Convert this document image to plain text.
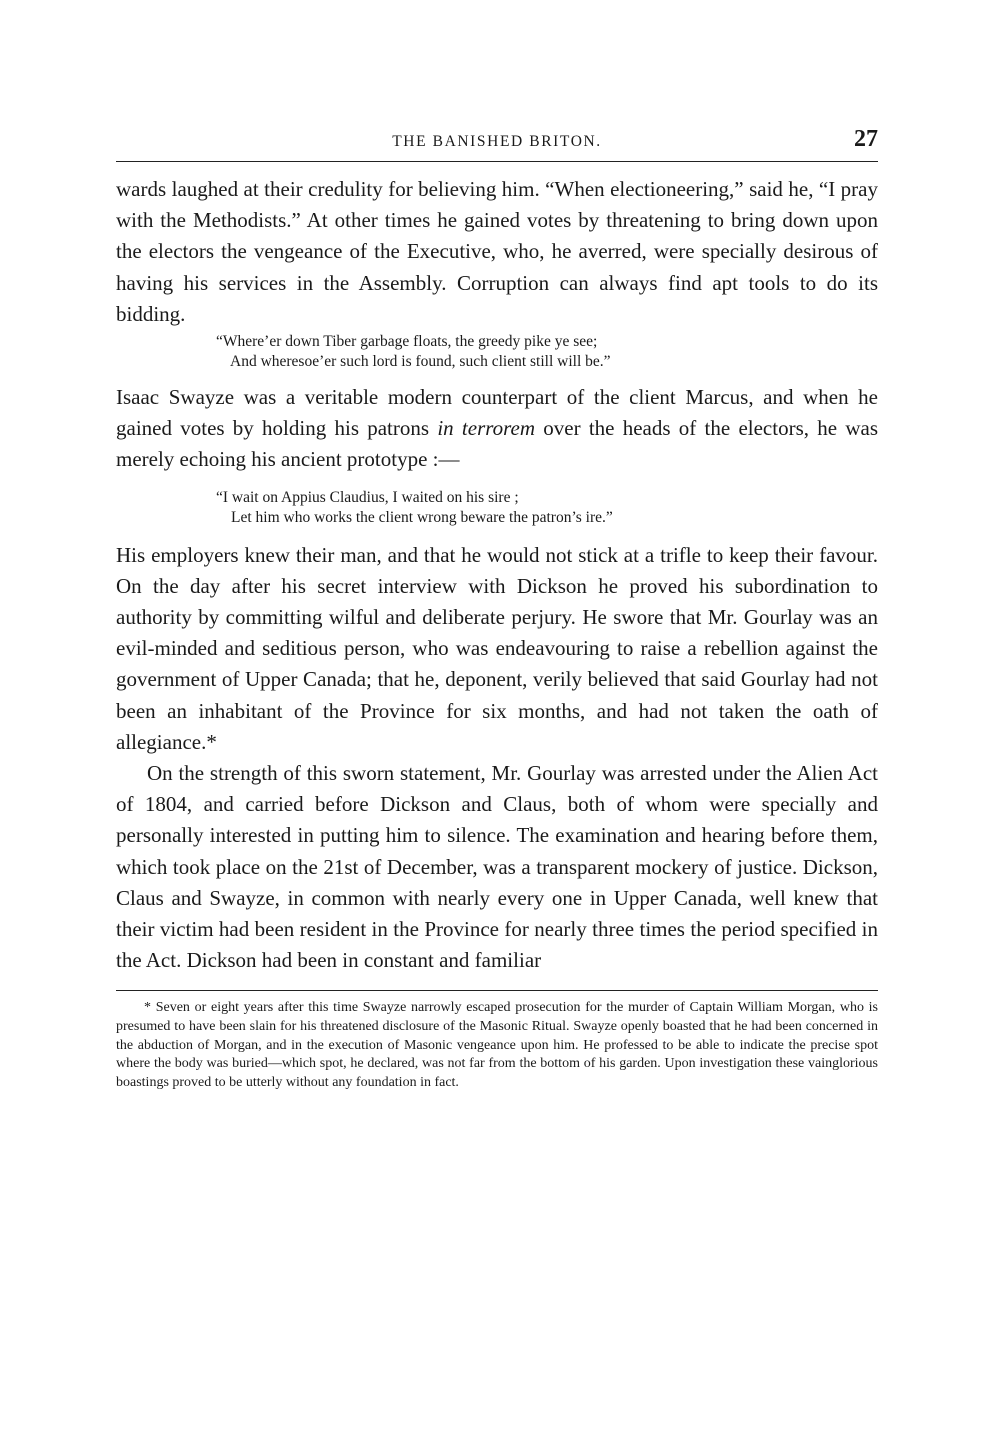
THE BANISHED BRITON.	27

wards laughed at their credulity for believing him. “When electioneering,” said he, “I pray with the Methodists.” At other times he gained votes by threatening to bring down upon the electors the vengeance of the Executive, who, he averred, were specially desirous of having his services in the Assembly. Corruption can always find apt tools to do its bidding.

“Where’er down Tiber garbage floats, the greedy pike ye see;
And wheresoe’er such lord is found, such client still will be.”

Isaac Swayze was a veritable modern counterpart of the client Marcus, and when he gained votes by holding his patrons in terrorem over the heads of the electors, he was merely echoing his ancient prototype :—

“I wait on Appius Claudius, I waited on his sire ;
Let him who works the client wrong beware the patron’s ire.”

His employers knew their man, and that he would not stick at a trifle to keep their favour. On the day after his secret interview with Dickson he proved his subordination to authority by committing wilful and deliberate perjury. He swore that Mr. Gourlay was an evil-minded and seditious person, who was endeavouring to raise a rebellion against the government of Upper Canada; that he, deponent, verily believed that said Gourlay had not been an inhabitant of the Province for six months, and had not taken the oath of allegiance.*

On the strength of this sworn statement, Mr. Gourlay was arrested under the Alien Act of 1804, and carried before Dickson and Claus, both of whom were specially and personally interested in putting him to silence. The examination and hearing before them, which took place on the 21st of December, was a transparent mockery of justice. Dickson, Claus and Swayze, in common with nearly every one in Upper Canada, well knew that their victim had been resident in the Province for nearly three times the period specified in the Act. Dickson had been in constant and familiar

* Seven or eight years after this time Swayze narrowly escaped prosecution for the murder of Captain William Morgan, who is presumed to have been slain for his threatened disclosure of the Masonic Ritual. Swayze openly boasted that he had been concerned in the abduction of Morgan, and in the execution of Masonic vengeance upon him. He professed to be able to indicate the precise spot where the body was buried—which spot, he declared, was not far from the bottom of his garden. Upon investigation these vainglorious boastings proved to be utterly without any foundation in fact.
